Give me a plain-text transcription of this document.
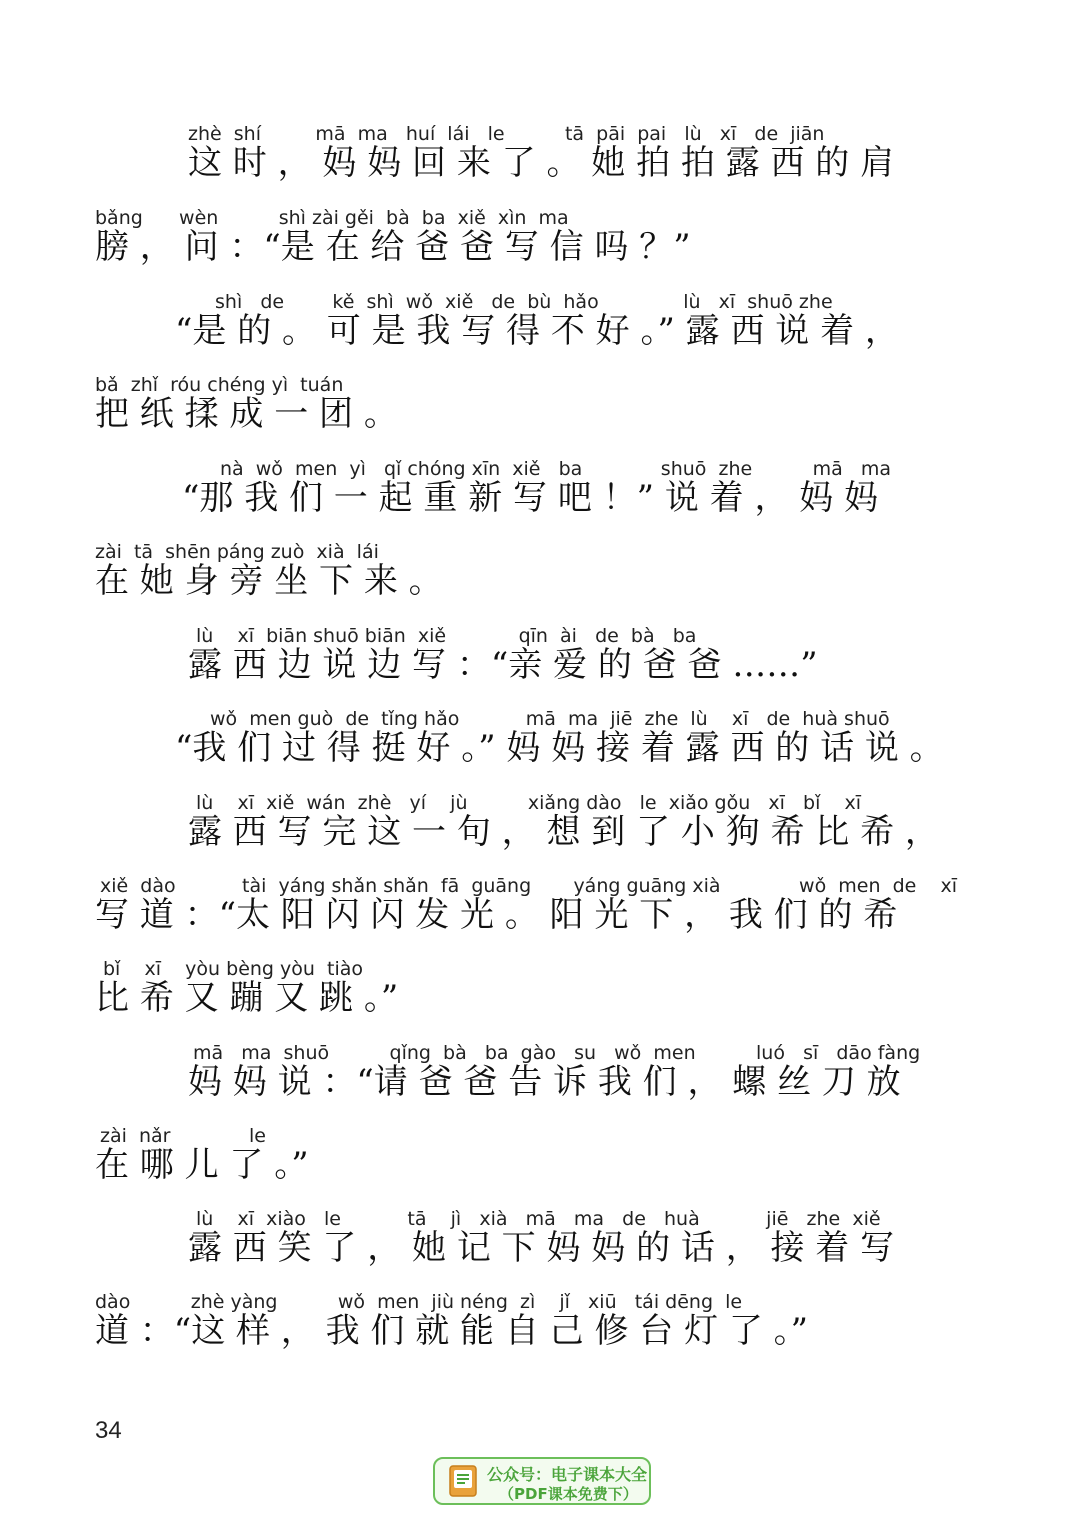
zhè  shí         mā  ma   huí  lái   le          tā  pāi  pai   lù   xī   de  jiān
这 时 ， 妈 妈 回 来 了 。 她 拍 拍 露 西 的 肩
bǎng      wèn          shì zài gěi  bà  ba  xiě  xìn  ma
膀 ， 问 ：“是 在 给 爸 爸 写 信 吗 ？”
shì   de        kě  shì  wǒ  xiě   de  bù  hǎo              lù   xī  shuō zhe
“是 的 。 可 是 我 写 得 不 好 。” 露 西 说 着 ，
bǎ  zhǐ  róu chéng yì  tuán
把 纸 揉 成 一 团 。
nà  wǒ  men  yì   qǐ chóng xīn  xiě   ba             shuō  zhe          mā   ma
“那 我 们 一 起 重 新 写 吧 ！” 说 着 ， 妈 妈
zài  tā  shēn páng zuò  xià  lái
在 她 身 旁 坐 下 来 。
lù    xī  biān shuō biān  xiě            qīn  ài   de  bà   ba
露 西 边 说 边 写 ：“亲 爱 的 爸 爸 ……”
wǒ  men guò  de  tǐng hǎo           mā  ma  jiē  zhe  lù    xī   de  huà shuō
“我 们 过 得 挺 好 。” 妈 妈 接 着 露 西 的 话 说 。
lù    xī  xiě  wán  zhè   yí    jù          xiǎng dào   le  xiǎo gǒu   xī   bǐ    xī
露 西 写 完 这 一 句 ， 想 到 了 小 狗 希 比 希 ，
xiě  dào           tài  yáng shǎn shǎn  fā  guāng       yáng guāng xià             wǒ  men  de    xī
写 道 ：“太 阳 闪 闪 发 光 。 阳 光 下 ， 我 们 的 希
bǐ    xī    yòu bèng yòu  tiào
比 希 又 蹦 又 跳 。”
mā   ma  shuō          qǐng  bà   ba  gào   su   wǒ  men          luó   sī   dāo fàng
妈 妈 说 ：“请 爸 爸 告 诉 我 们 ， 螺 丝 刀 放
zài  nǎr             le
在 哪 儿 了 。”
lù    xī  xiào   le           tā    jì   xià   mā   ma   de   huà           jiē   zhe  xiě
露 西 笑 了 ， 她 记 下 妈 妈 的 话 ， 接 着 写
dào          zhè yàng          wǒ  men  jiù néng  zì    jǐ   xiū   tái dēng  le
道 ：“这 样 ， 我 们 就 能 自 己 修 台 灯 了 。”
34
公众号：电子课本大全
（PDF课本免费下）
